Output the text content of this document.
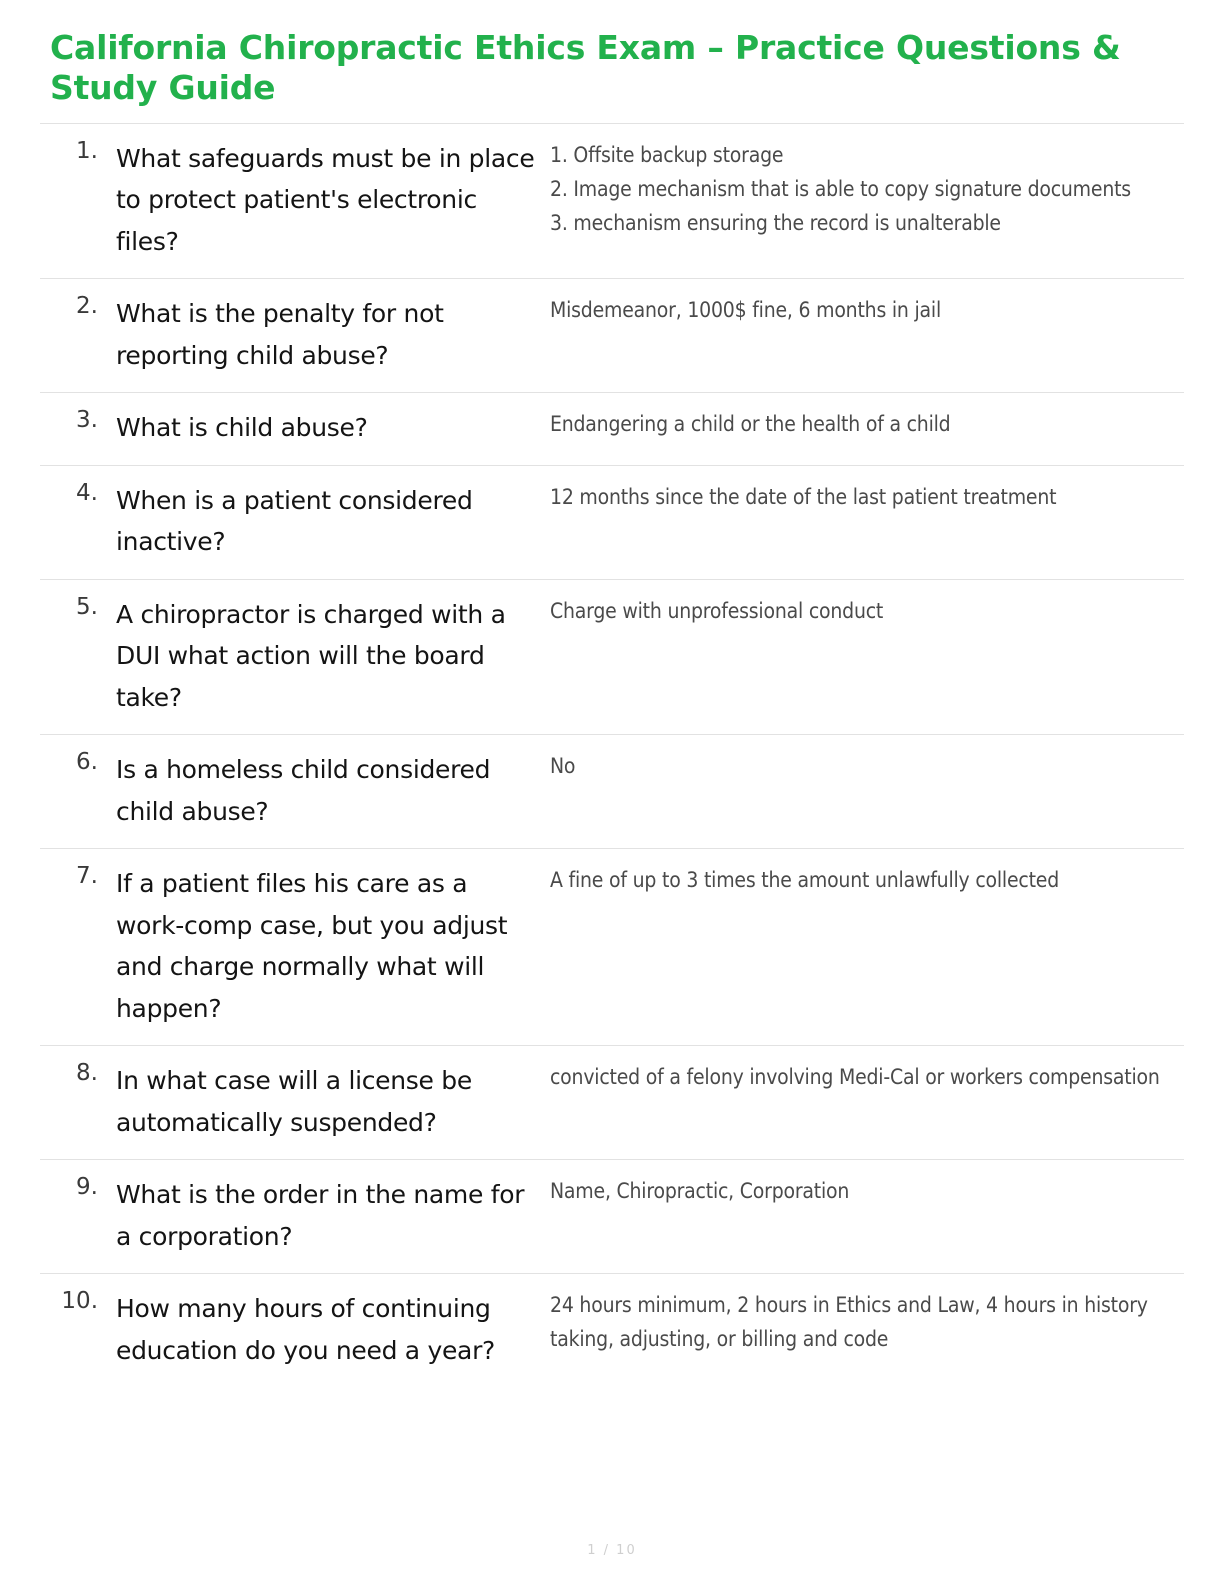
California Chiropractic Ethics Exam – Practice Questions & Study Guide
1.	What safeguards must be in place to protect patient's electronic files?	1. Offsite backup storage
2. Image mechanism that is able to copy signature documents
3. mechanism ensuring the record is unalterable

2.	What is the penalty for not reporting child abuse?	Misdemeanor, 1000$ fine, 6 months in jail

3.	What is child abuse?	Endangering a child or the health of a child

4.	When is a patient considered inactive?	12 months since the date of the last patient treatment

5.	A chiropractor is charged with a DUI what action will the board take?	Charge with unprofessional conduct

6.	Is a homeless child considered child abuse?	No

7.	If a patient files his care as a work-comp case, but you adjust and charge normally what will happen?	A fine of up to 3 times the amount unlawfully collected

8.	In what case will a license be automatically suspended?	convicted of a felony involving Medi-Cal or workers compensation

9.	What is the order in the name for a corporation?	Name, Chiropractic, Corporation

10.	How many hours of continuing education do you need a year?	24 hours minimum, 2 hours in Ethics and Law, 4 hours in history
taking, adjusting, or billing and code
1 / 10
